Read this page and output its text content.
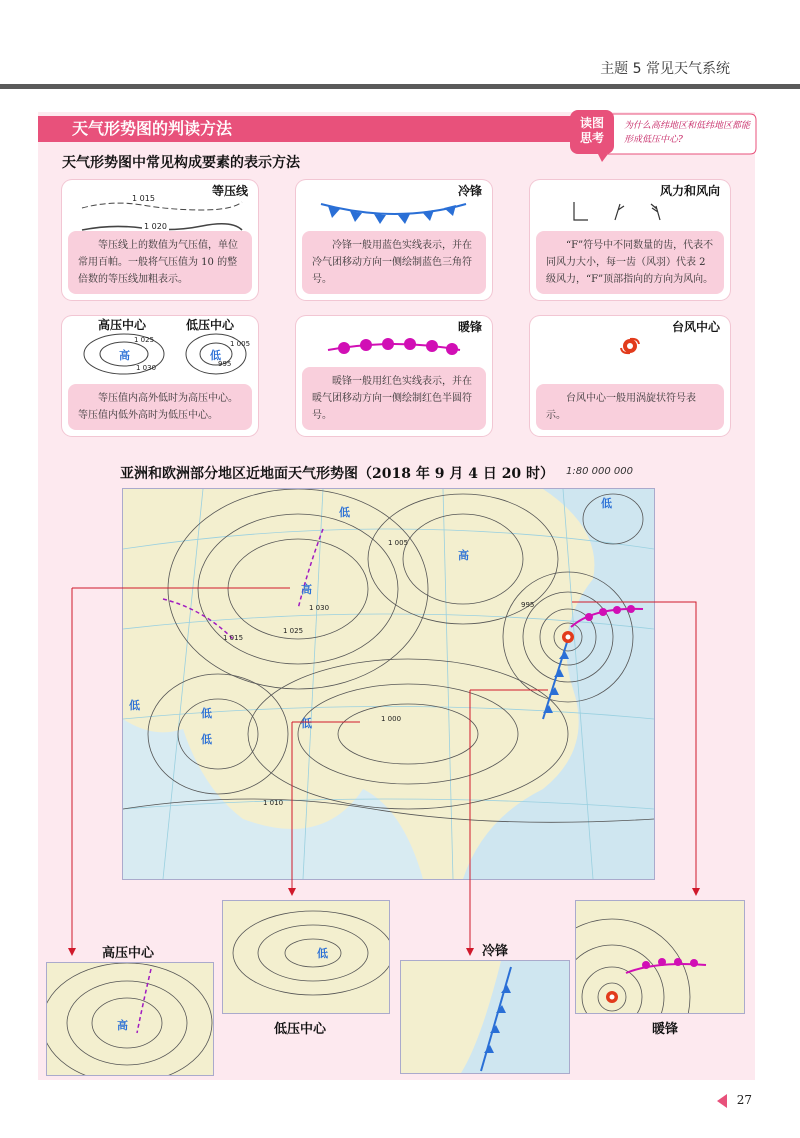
主题 5 常见天气系统
天气形势图的判读方法	读图
思考
为什么高纬地区和低纬地区都能形成低压中心?
天气形势图中常见构成要素的表示方法
等压线
1 015
1 020
等压线上的数值为气压值，单位常用百帕。一般将气压值为 10 的整倍数的等压线加粗表示。
冷锋
冷锋一般用蓝色实线表示，并在冷气团移动方向一侧绘制蓝色三角符号。
风力和风向
“F”符号中不同数量的齿，代表不同风力大小，每一齿（风羽）代表 2 级风力，“F”顶部指向的方向为风向。
高压中心	低压中心
高	低
1 025
1 030
1 005
995
等压值内高外低时为高压中心。等压值内低外高时为低压中心。
暖锋
暖锋一般用红色实线表示，并在暖气团移动方向一侧绘制红色半圆符号。
台风中心
台风中心一般用涡旋状符号表示。
亚洲和欧洲部分地区近地面天气形势图（2018 年 9 月 4 日 20 时） 1:80 000 000
高
高
低
低
低
低
低
低
1 030
1 025
1 015
1 000
1 005
1 010
995
高压中心
高
低
低压中心
冷锋
暖锋
27
